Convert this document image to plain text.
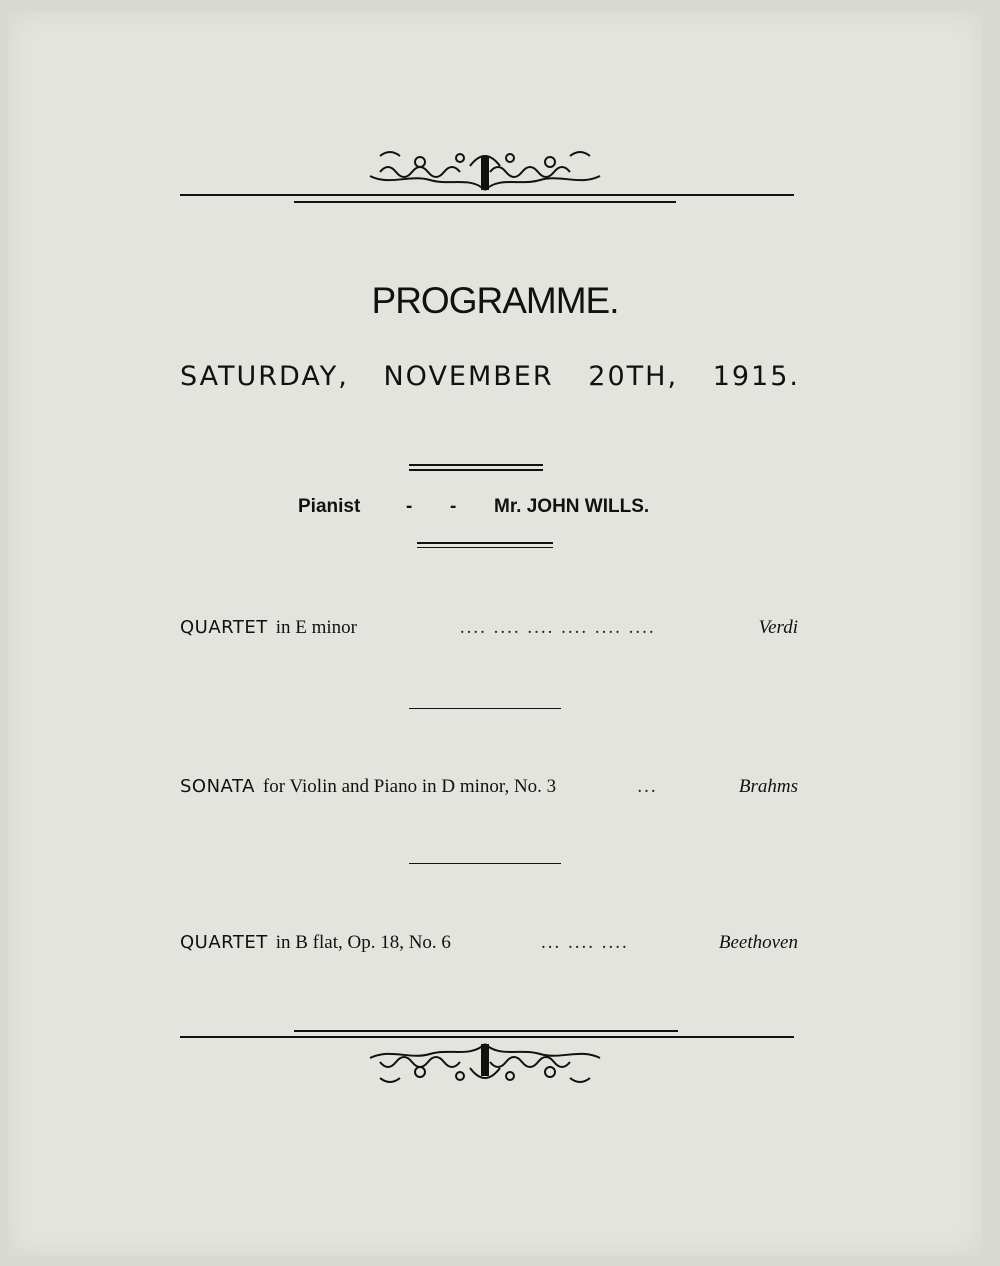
PROGRAMME.
SATURDAY, NOVEMBER 20TH, 1915.
Pianist - - Mr. JOHN WILLS.
QUARTET in E minor	.... .... .... .... .... ....	Verdi
SONATA for Violin and Piano in D minor, No. 3	...	Brahms
QUARTET in B flat, Op. 18, No. 6	... .... ....	Beethoven
